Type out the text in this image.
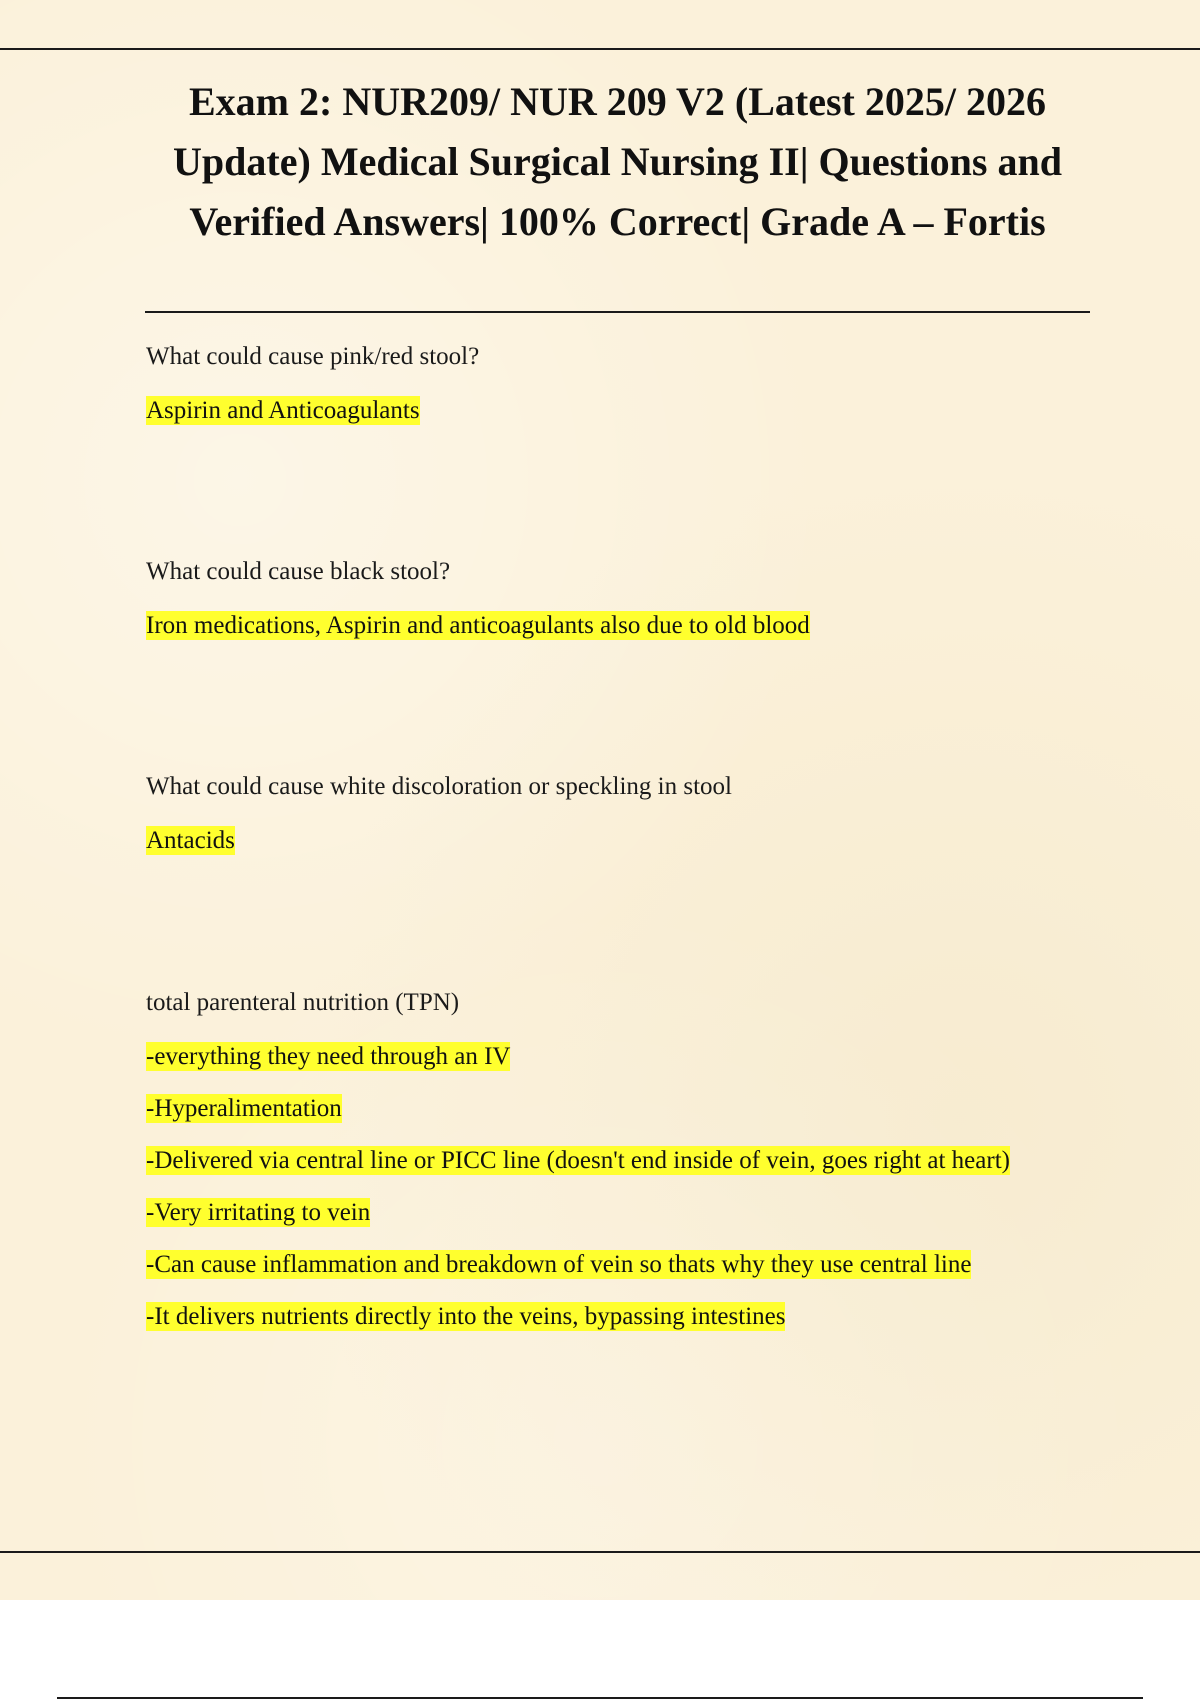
Exam 2: NUR209/ NUR 209 V2 (Latest 2025/ 2026 Update) Medical Surgical Nursing II| Questions and Verified Answers| 100% Correct| Grade A – Fortis

What could cause pink/red stool?

Aspirin and Anticoagulants

What could cause black stool?

Iron medications, Aspirin and anticoagulants also due to old blood

What could cause white discoloration or speckling in stool

Antacids

total parenteral nutrition (TPN)

-everything they need through an IV

-Hyperalimentation

-Delivered via central line or PICC line (doesn't end inside of vein, goes right at heart)

-Very irritating to vein

-Can cause inflammation and breakdown of vein so thats why they use central line

-It delivers nutrients directly into the veins, bypassing intestines
